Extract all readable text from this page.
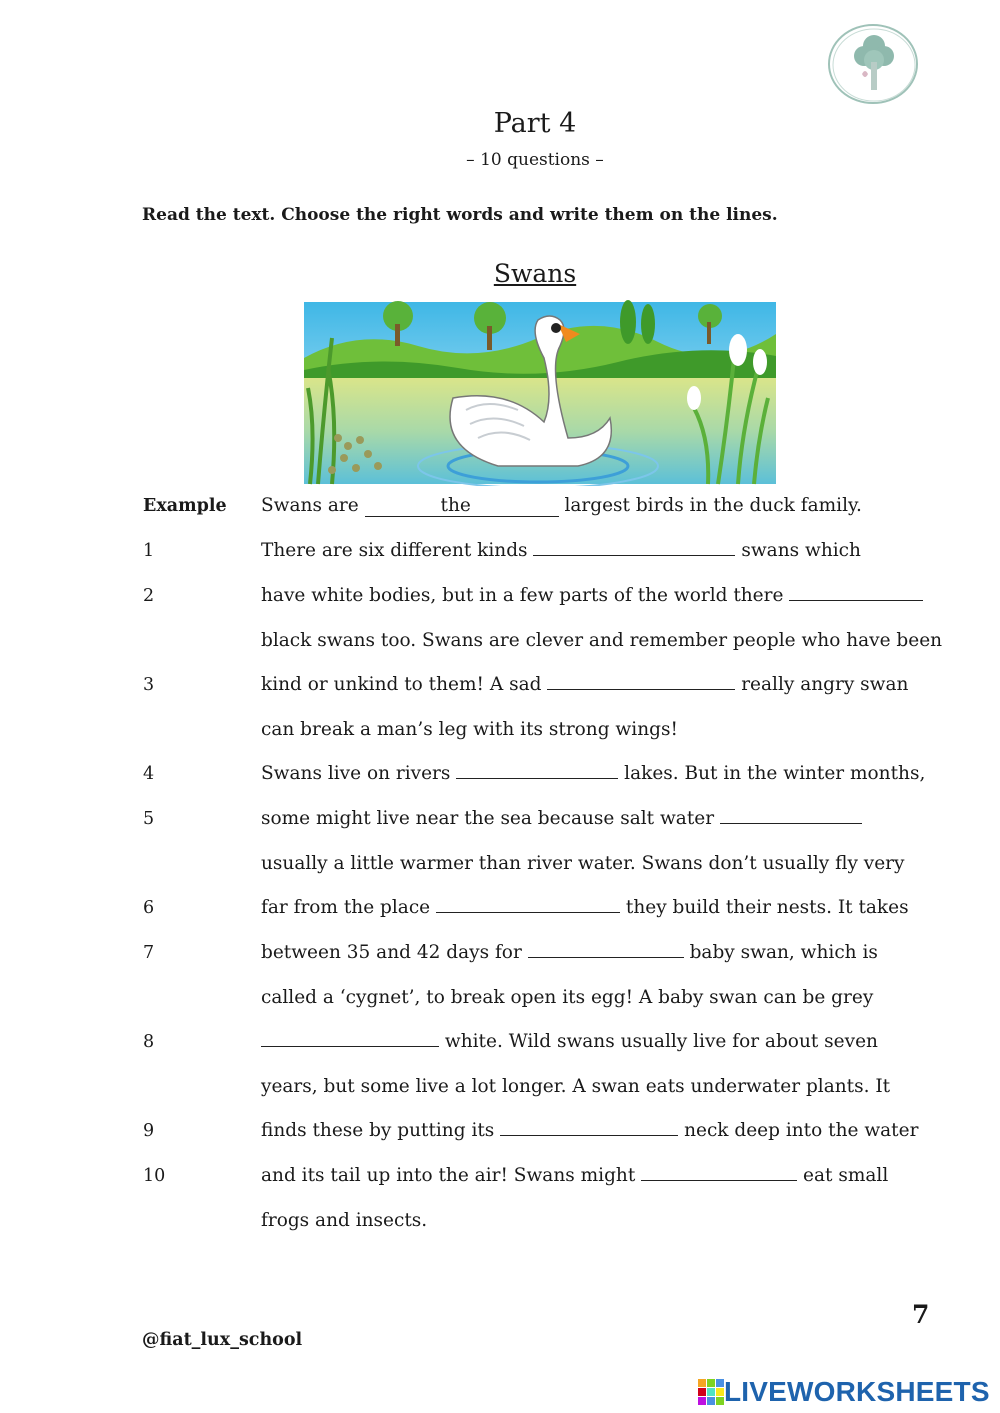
Part 4
– 10 questions –
Read the text. Choose the right words and write them on the lines.
Swans
Example Swans are	the	largest birds in the duck family.
1	There are six different kinds	swans which
2	have white bodies, but in a few parts of the world there
black swans too. Swans are clever and remember people who have been
3	kind or unkind to them! A sad	really angry swan
can break a man’s leg with its strong wings!
4	Swans live on rivers	lakes. But in the winter months,
5	some might live near the sea because salt water
usually a little warmer than river water. Swans don’t usually fly very
6	far from the place	they build their nests. It takes
7	between 35 and 42 days for	baby swan, which is
called a ‘cygnet’, to break open its egg! A baby swan can be grey
8	white. Wild swans usually live for about seven
years, but some live a lot longer. A swan eats underwater plants. It
9	finds these by putting its	neck deep into the water
10	and its tail up into the air! Swans might	eat small
frogs and insects.
7
@fiat_lux_school
LIVEWORKSHEETS
